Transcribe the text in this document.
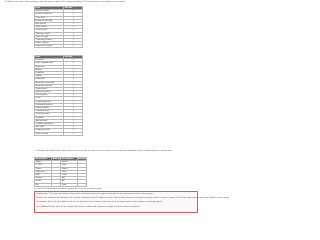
b. Match each item. Drag and drop from the items listed in the column headings. The first answer is provided as an example.
Item	Answer
Balance sheet	X
Income statement	X
Cash flow	X
Retained earnings	X
Net income	X
Total assets	X
Current ratio	X
Working capital	X
Gross margin	X
Operating income	X
Debt to equity	X
Inventory turnover	X
Item	Answer
Revenue	X
Cost of goods sold	X
Expenses	X
Assets	X
Liabilities	X
Equity	X
Dividends	X
Accounts receivable	X
Accounts payable	X
Depreciation	X
Interest expense	X
Tax expense	X
Cash	X
Prepaid expense	X
Unearned revenue	X
Notes payable	X
Common stock	X
Treasury stock	X
Goodwill	X
Amortization	X
Capital expenditure	X
Net sales	X
Long-term debt	X
Other income	X
c. Complete the table below. Enter the correct amounts for each line item shown in the financial statements of the company for the current year.
Description	Amount	Description	Amount
Sales		Assets	
COGS		Liab.	
Gross		Equity	
Expenses		Total	
EBIT		Cash	
Interest		AR	
Taxes		AP	
Net		Debt	
d. Using the information provided, explain the reasons for your answer.

Explanation: The amounts shown above were calculated using the figures reported in the statements for the current year.

Review the relationships between the income statement and the balance sheet. Net income increases retained earnings, which is part of equity. Check that total assets equal total liabilities plus equity.

Remember that cash flow differs from net income because of non-cash items such as depreciation and changes in working capital.

For additional help, refer to the chapter discussion of financial statement analysis and the ratios introduced.
